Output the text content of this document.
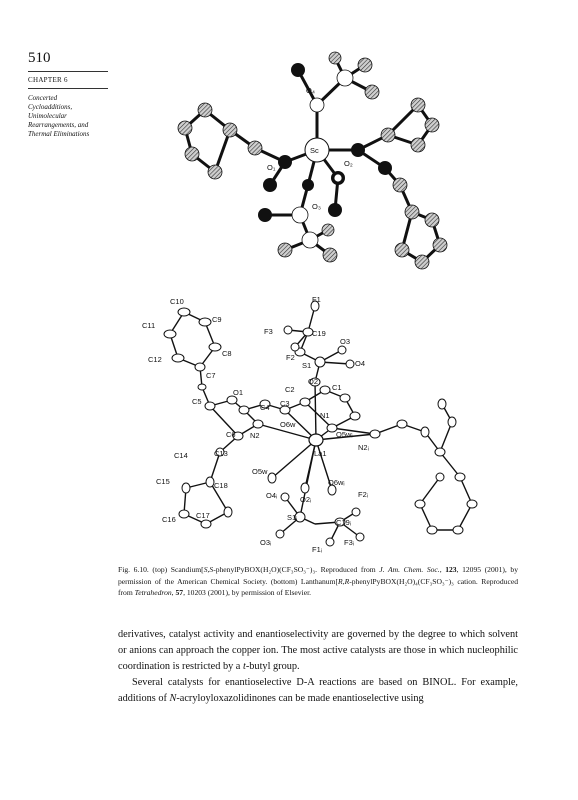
510
CHAPTER 6
Concerted
Cycloadditions,
Unimolecular
Rearrangements, and
Thermal Eliminations
Sc
O₄
O₁	O₂
O₃
C10
C11
C9
C12
C8
C7
C5
C6
O1
C4 C3
C2	C1
N1
N2
O6w
O5wᵢ
La1
N2ᵢ
C14	C13
C15	C18
C16	C17
O5w
O4ᵢ	O2ᵢ
O6wᵢ
F2ᵢ
S1ᵢ
C19ᵢ
O3ᵢ
F1ᵢ
F3ᵢ
F1
F3	C19
F2
O3
S1	O4
O2
Fig. 6.10. (top) Scandium[S,S-phenylPyBOX(H₂O)(CF₃SO₃⁻)₃. Reproduced from J. Am. Chem. Soc., 123, 12095 (2001), by permission of the American Chemical Society. (bottom) Lanthanum[R,R-phenylPyBOX(H₂O)₄(CF₃SO₃⁻)₃ cation. Reproduced from Tetrahedron, 57, 10203 (2001), by permission of Elsevier.

derivatives, catalyst activity and enantioselectivity are governed by the degree to which solvent or anions can approach the copper ion. The most active catalysts are those in which nucleophilic coordination is restricted by a t-butyl group.

Several catalysts for enantioselective D-A reactions are based on BINOL. For example, additions of N-acryloyloxazolidinones can be made enantioselective using
